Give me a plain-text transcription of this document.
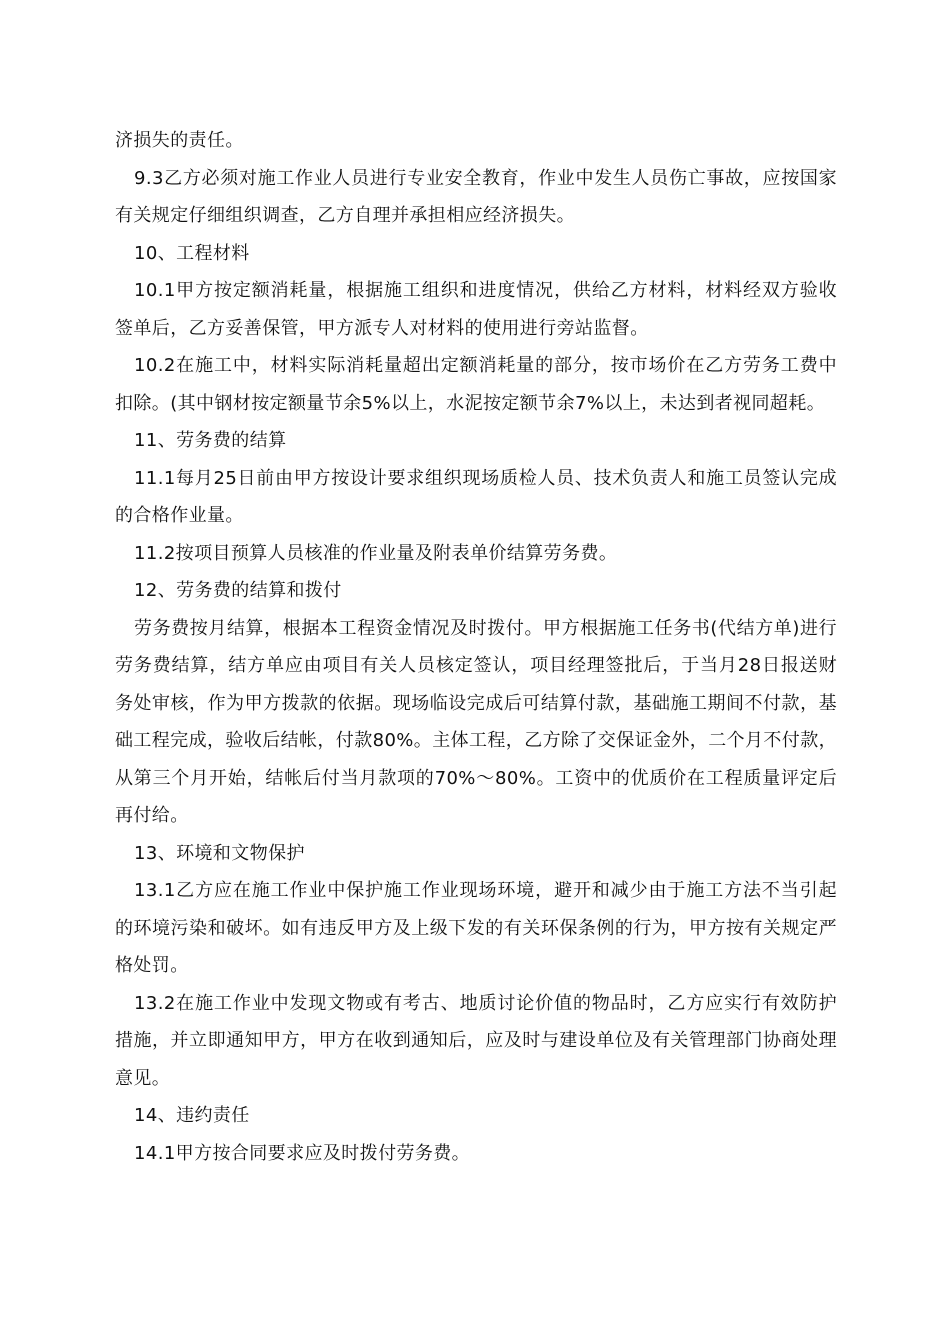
济损失的责任。

9.3乙方必须对施工作业人员进行专业安全教育，作业中发生人员伤亡事故，应按国家有关规定仔细组织调查，乙方自理并承担相应经济损失。

10、工程材料

10.1甲方按定额消耗量，根据施工组织和进度情况，供给乙方材料，材料经双方验收签单后，乙方妥善保管，甲方派专人对材料的使用进行旁站监督。

10.2在施工中，材料实际消耗量超出定额消耗量的部分，按市场价在乙方劳务工费中扣除。(其中钢材按定额量节余5%以上，水泥按定额节余7%以上，未达到者视同超耗。

11、劳务费的结算

11.1每月25日前由甲方按设计要求组织现场质检人员、技术负责人和施工员签认完成的合格作业量。

11.2按项目预算人员核准的作业量及附表单价结算劳务费。

12、劳务费的结算和拨付

劳务费按月结算，根据本工程资金情况及时拨付。甲方根据施工任务书(代结方单)进行劳务费结算，结方单应由项目有关人员核定签认，项目经理签批后，于当月28日报送财务处审核，作为甲方拨款的依据。现场临设完成后可结算付款，基础施工期间不付款，基础工程完成，验收后结帐，付款80%。主体工程，乙方除了交保证金外，二个月不付款，从第三个月开始，结帐后付当月款项的70%～80%。工资中的优质价在工程质量评定后再付给。

13、环境和文物保护

13.1乙方应在施工作业中保护施工作业现场环境，避开和减少由于施工方法不当引起的环境污染和破坏。如有违反甲方及上级下发的有关环保条例的行为，甲方按有关规定严格处罚。

13.2在施工作业中发现文物或有考古、地质讨论价值的物品时，乙方应实行有效防护措施，并立即通知甲方，甲方在收到通知后，应及时与建设单位及有关管理部门协商处理意见。

14、违约责任

14.1甲方按合同要求应及时拨付劳务费。
